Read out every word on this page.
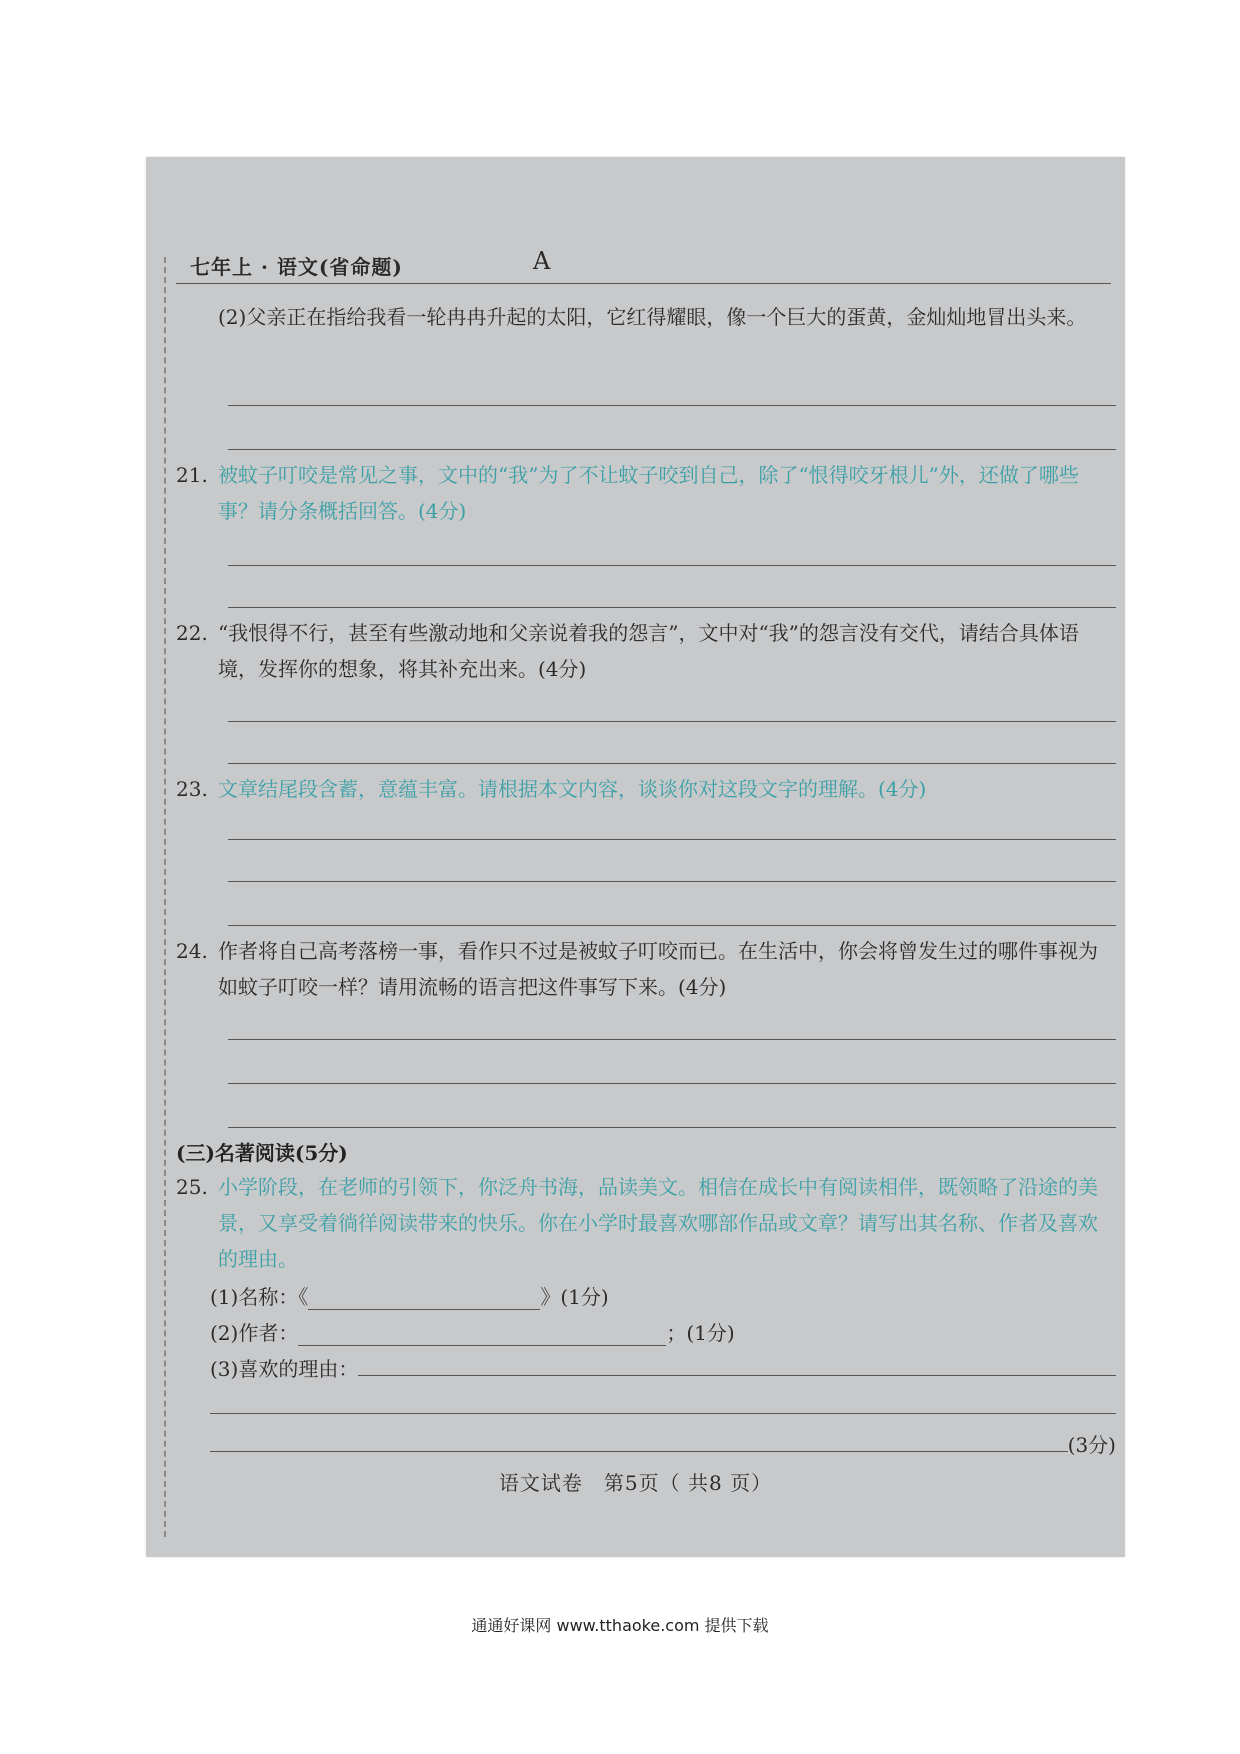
七年上 · 语文(省命题)	A
(2)父亲正在指给我看一轮冉冉升起的太阳，它红得耀眼，像一个巨大的蛋黄，金灿灿地冒出头来。
21. 被蚊子叮咬是常见之事，文中的“我”为了不让蚊子咬到自己，除了“恨得咬牙根儿”外，还做了哪些事？请分条概括回答。(4分)
22. “我恨得不行，甚至有些激动地和父亲说着我的怨言”，文中对“我”的怨言没有交代，请结合具体语境，发挥你的想象，将其补充出来。(4分)
23. 文章结尾段含蓄，意蕴丰富。请根据本文内容，谈谈你对这段文字的理解。(4分)
24. 作者将自己高考落榜一事，看作只不过是被蚊子叮咬而已。在生活中，你会将曾发生过的哪件事视为如蚊子叮咬一样？请用流畅的语言把这件事写下来。(4分)
(三)名著阅读(5分)
25. 小学阶段，在老师的引领下，你泛舟书海，品读美文。相信在成长中有阅读相伴，既领略了沿途的美景，又享受着徜徉阅读带来的快乐。你在小学时最喜欢哪部作品或文章？请写出其名称、作者及喜欢的理由。
(1)名称：《	》(1分)
(2)作者：	；(1分)
(3)喜欢的理由：
(3分)
语文试卷　第5页（ 共8 页）
通通好课网 www.tthaoke.com 提供下载
